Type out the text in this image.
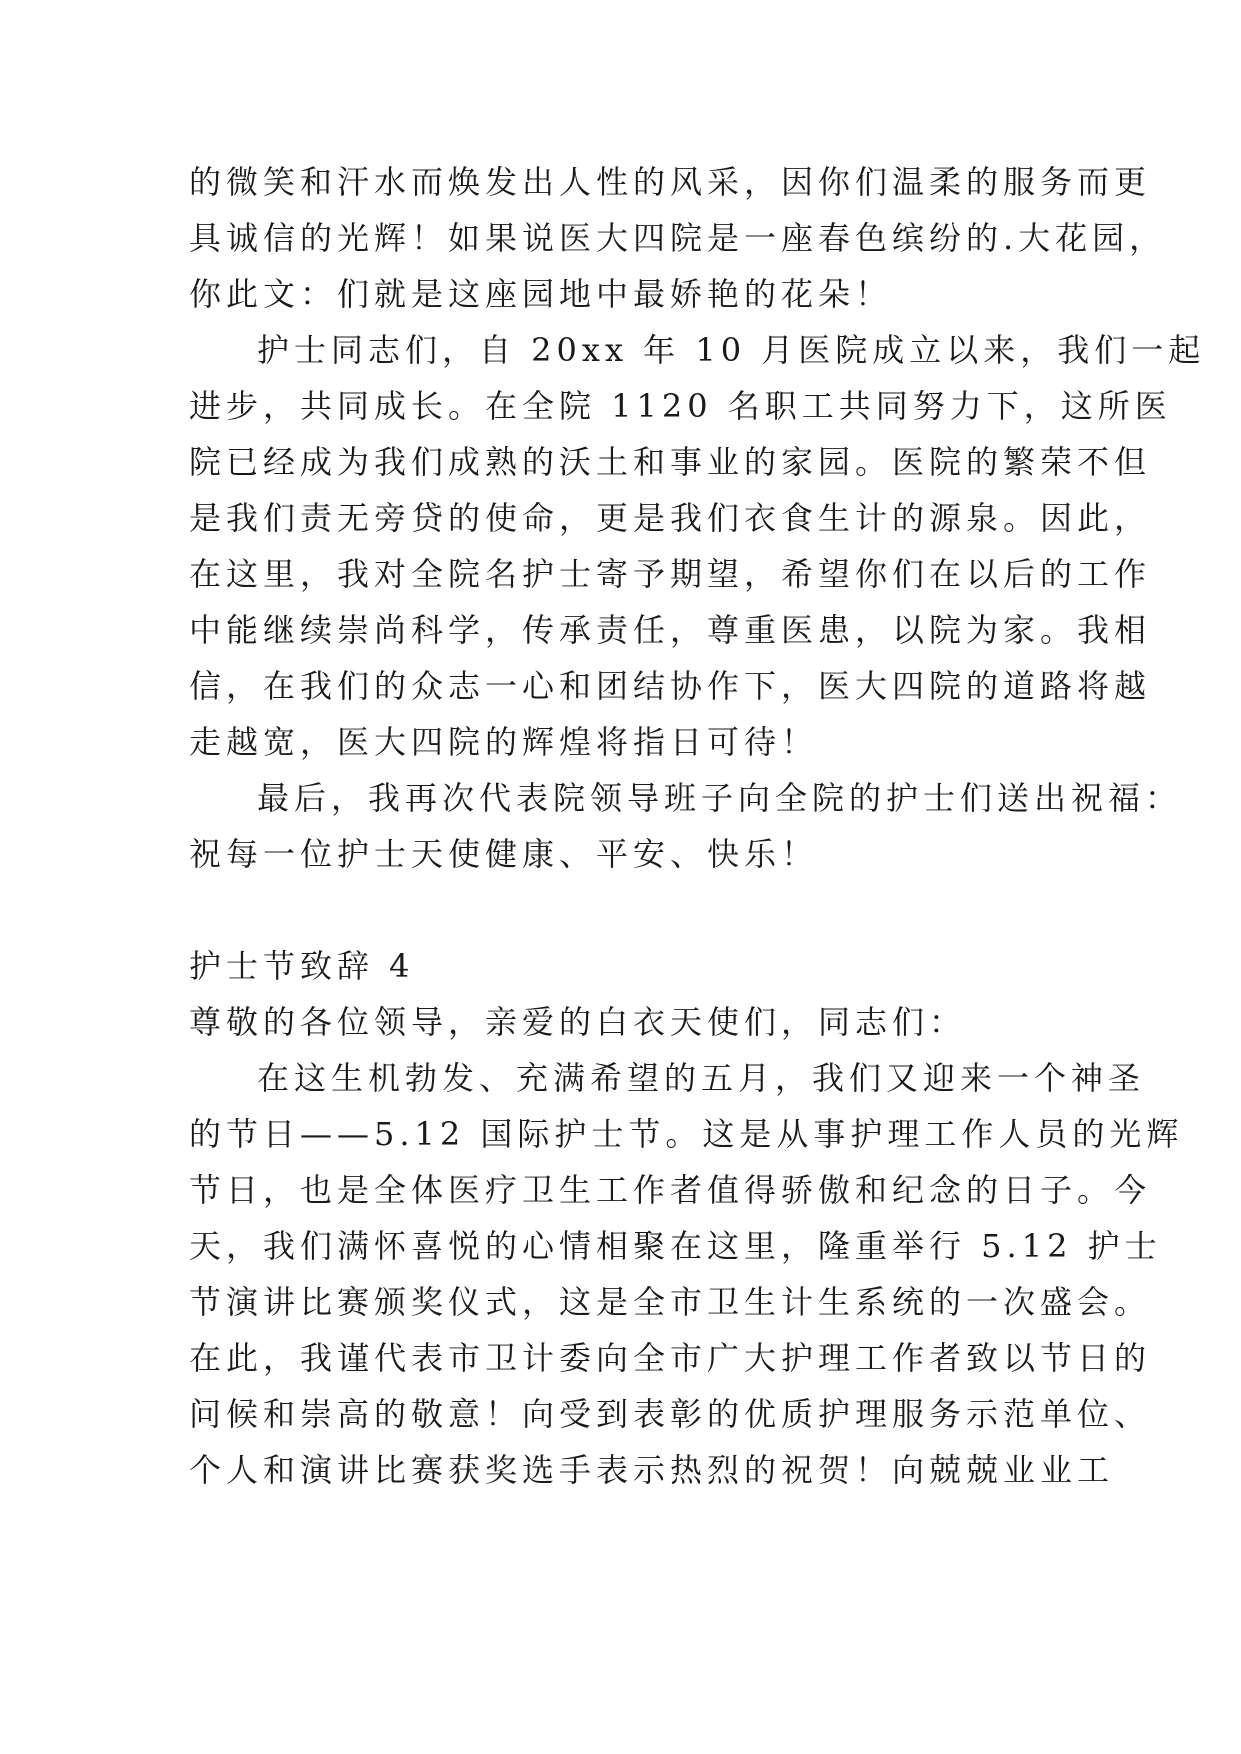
的微笑和汗水而焕发出人性的风采，因你们温柔的服务而更
具诚信的光辉！如果说医大四院是一座春色缤纷的.大花园，
你此文：们就是这座园地中最娇艳的花朵！
护士同志们，自 20xx 年 10 月医院成立以来，我们一起
进步，共同成长。在全院 1120 名职工共同努力下，这所医
院已经成为我们成熟的沃土和事业的家园。医院的繁荣不但
是我们责无旁贷的使命，更是我们衣食生计的源泉。因此，
在这里，我对全院名护士寄予期望，希望你们在以后的工作
中能继续崇尚科学，传承责任，尊重医患，以院为家。我相
信，在我们的众志一心和团结协作下，医大四院的道路将越
走越宽，医大四院的辉煌将指日可待！
最后，我再次代表院领导班子向全院的护士们送出祝福：
祝每一位护士天使健康、平安、快乐！
护士节致辞 4
尊敬的各位领导，亲爱的白衣天使们，同志们：
在这生机勃发、充满希望的五月，我们又迎来一个神圣
的节日——5.12 国际护士节。这是从事护理工作人员的光辉
节日，也是全体医疗卫生工作者值得骄傲和纪念的日子。今
天，我们满怀喜悦的心情相聚在这里，隆重举行 5.12 护士
节演讲比赛颁奖仪式，这是全市卫生计生系统的一次盛会。
在此，我谨代表市卫计委向全市广大护理工作者致以节日的
问候和崇高的敬意！向受到表彰的优质护理服务示范单位、
个人和演讲比赛获奖选手表示热烈的祝贺！向兢兢业业工
